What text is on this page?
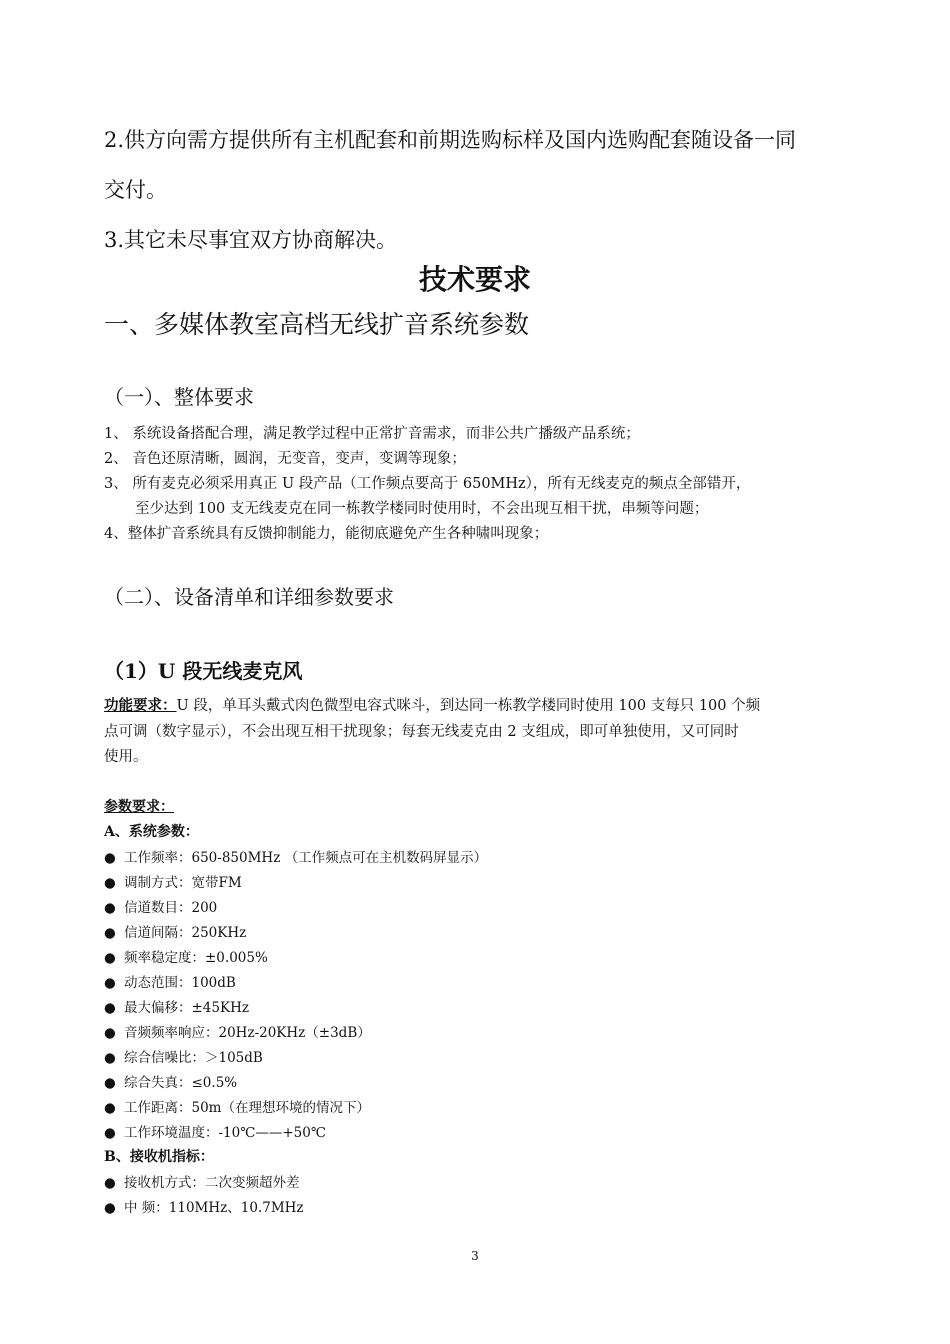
2.供方向需方提供所有主机配套和前期选购标样及国内选购配套随设备一同
交付。
3.其它未尽事宜双方协商解决。
技术要求
一、多媒体教室高档无线扩音系统参数
（一）、整体要求
1、 系统设备搭配合理，满足教学过程中正常扩音需求，而非公共广播级产品系统；
2、 音色还原清晰，圆润，无变音，变声，变调等现象；
3、 所有麦克必须采用真正 U 段产品（工作频点要高于 650MHz），所有无线麦克的频点全部错开，
至少达到 100 支无线麦克在同一栋教学楼同时使用时，不会出现互相干扰，串频等问题；
4、整体扩音系统具有反馈抑制能力，能彻底避免产生各种啸叫现象；
（二）、设备清单和详细参数要求
（1）U 段无线麦克风
功能要求：U 段，单耳头戴式肉色微型电容式咪斗，到达同一栋教学楼同时使用 100 支每只 100 个频
点可调（数字显示），不会出现互相干扰现象；每套无线麦克由 2 支组成，即可单独使用，又可同时
使用。
参数要求：
A、系统参数：
● 工作频率：650-850MHz （工作频点可在主机数码屏显示）
● 调制方式：宽带FM
● 信道数目：200
● 信道间隔：250KHz
● 频率稳定度：±0.005%
● 动态范围：100dB
● 最大偏移：±45KHz
● 音频频率响应：20Hz-20KHz（±3dB）
● 综合信噪比：＞105dB
● 综合失真：≤0.5%
● 工作距离：50m（在理想环境的情况下）
● 工作环境温度：-10℃——+50℃
B、接收机指标：
● 接收机方式：二次变频超外差
● 中 频：110MHz、10.7MHz
3
